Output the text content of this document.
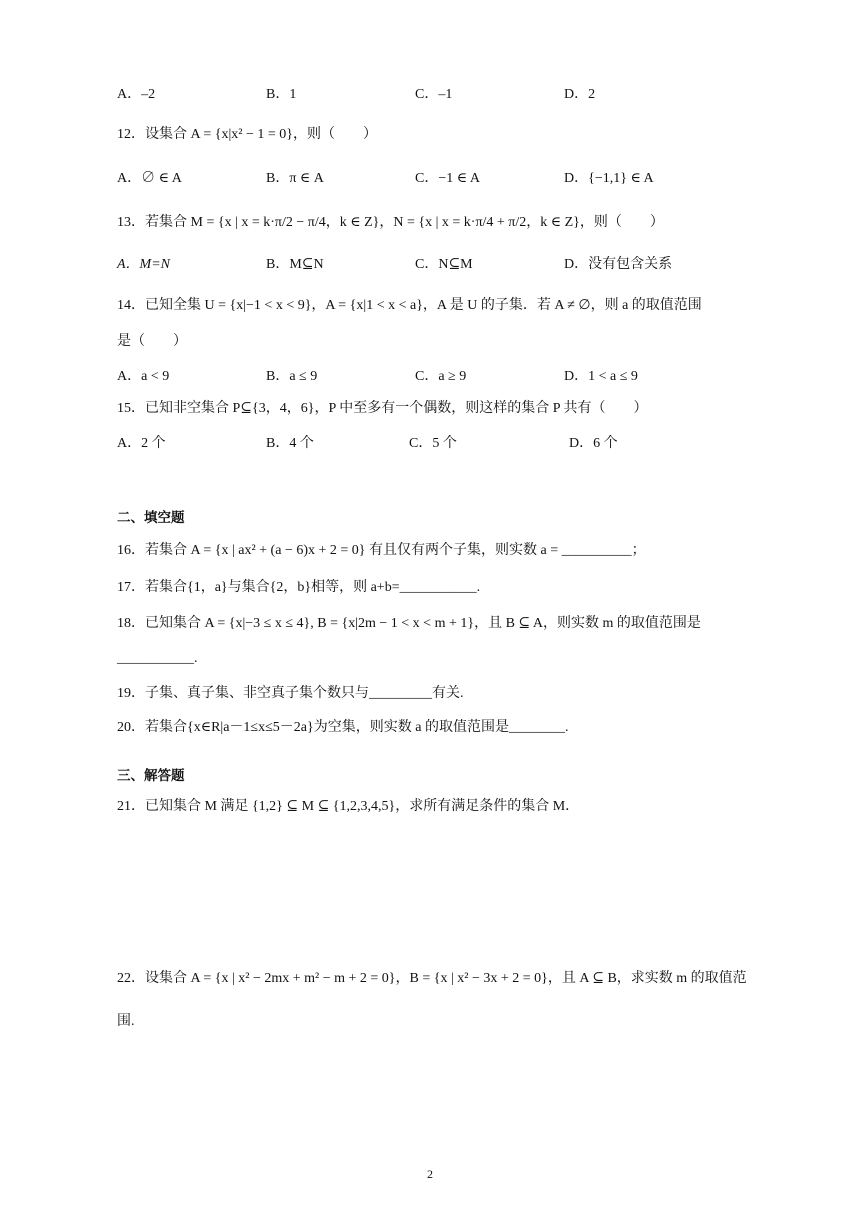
A．–2	B．1	C．–1	D．2
12．设集合 A = {x|x² − 1 = 0}，则（　　）
A．∅ ∈ A	B．π ∈ A	C．−1 ∈ A	D．{−1,1} ∈ A
13．若集合 M = {x | x = k·π/2 − π/4，k ∈ Z}，N = {x | x = k·π/4 + π/2，k ∈ Z}，则（　　）
A．M=N	B．M⊆N	C．N⊆M	D．没有包含关系
14．已知全集 U = {x|−1 < x < 9}，A = {x|1 < x < a}，A 是 U 的子集．若 A ≠ ∅，则 a 的取值范围
是（　　）
A．a < 9	B．a ≤ 9	C．a ≥ 9	D．1 < a ≤ 9
15．已知非空集合 P⊆{3，4，6}，P 中至多有一个偶数，则这样的集合 P 共有（　　）
A．2 个	B．4 个	C．5 个	D．6 个
二、填空题
16．若集合 A = {x | ax² + (a − 6)x + 2 = 0} 有且仅有两个子集，则实数 a = __________；
17．若集合{1，a}与集合{2，b}相等，则 a+b=___________.
18．已知集合 A = {x|−3 ≤ x ≤ 4}, B = {x|2m − 1 < x < m + 1}，且 B ⊆ A，则实数 m 的取值范围是
___________.
19．子集、真子集、非空真子集个数只与_________有关.
20．若集合{x∈R|a－1≤x≤5－2a}为空集，则实数 a 的取值范围是________.
三、解答题
21．已知集合 M 满足 {1,2} ⊆ M ⊆ {1,2,3,4,5}，求所有满足条件的集合 M．
22．设集合 A = {x | x² − 2mx + m² − m + 2 = 0}，B = {x | x² − 3x + 2 = 0}，且 A ⊆ B，求实数 m 的取值范
围.
2
